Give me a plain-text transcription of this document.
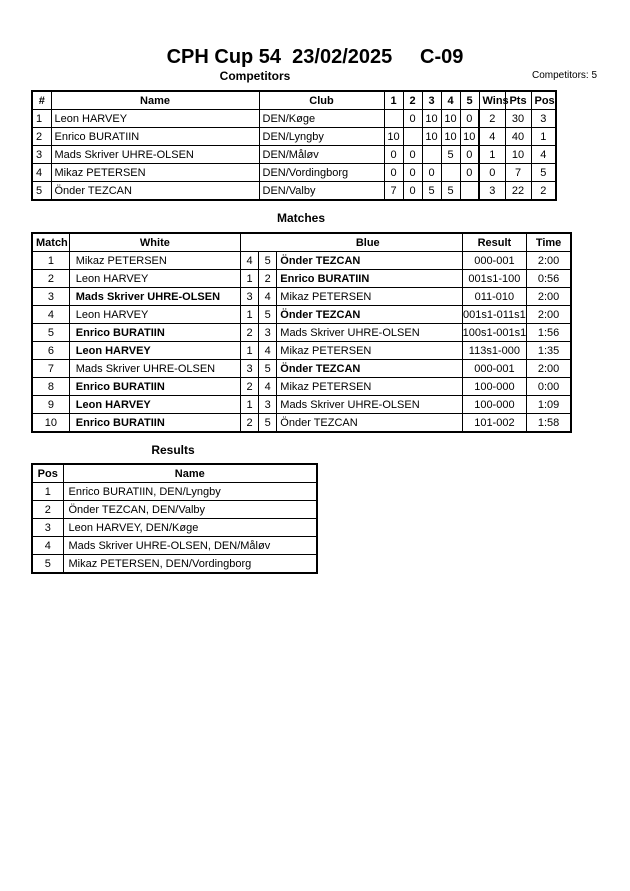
CPH Cup 54  23/02/2025     C-09
Competitors	Competitors: 5
#	Name	Club	1	2	3	4	5	Wins	Pts	Pos
1	Leon HARVEY	DEN/Køge		0	10	10	0	2	30	3
2	Enrico BURATIIN	DEN/Lyngby	10		10	10	10	4	40	1
3	Mads Skriver UHRE-OLSEN	DEN/Måløv	0	0		5	0	1	10	4
4	Mikaz PETERSEN	DEN/Vordingborg	0	0	0		0	0	7	5
5	Önder TEZCAN	DEN/Valby	7	0	5	5		3	22	2
Matches
Match	White	Blue			Result	Time
1	Mikaz PETERSEN	4	5	Önder TEZCAN	000-001	2:00
2	Leon HARVEY	1	2	Enrico BURATIIN	001s1-100	0:56
3	Mads Skriver UHRE-OLSEN	3	4	Mikaz PETERSEN	011-010	2:00
4	Leon HARVEY	1	5	Önder TEZCAN	001s1-011s1	2:00
5	Enrico BURATIIN	2	3	Mads Skriver UHRE-OLSEN	100s1-001s1	1:56
6	Leon HARVEY	1	4	Mikaz PETERSEN	113s1-000	1:35
7	Mads Skriver UHRE-OLSEN	3	5	Önder TEZCAN	000-001	2:00
8	Enrico BURATIIN	2	4	Mikaz PETERSEN	100-000	0:00
9	Leon HARVEY	1	3	Mads Skriver UHRE-OLSEN	100-000	1:09
10	Enrico BURATIIN	2	5	Önder TEZCAN	101-002	1:58
Results
Pos	Name
1	Enrico BURATIIN, DEN/Lyngby
2	Önder TEZCAN, DEN/Valby
3	Leon HARVEY, DEN/Køge
4	Mads Skriver UHRE-OLSEN, DEN/Måløv
5	Mikaz PETERSEN, DEN/Vordingborg
